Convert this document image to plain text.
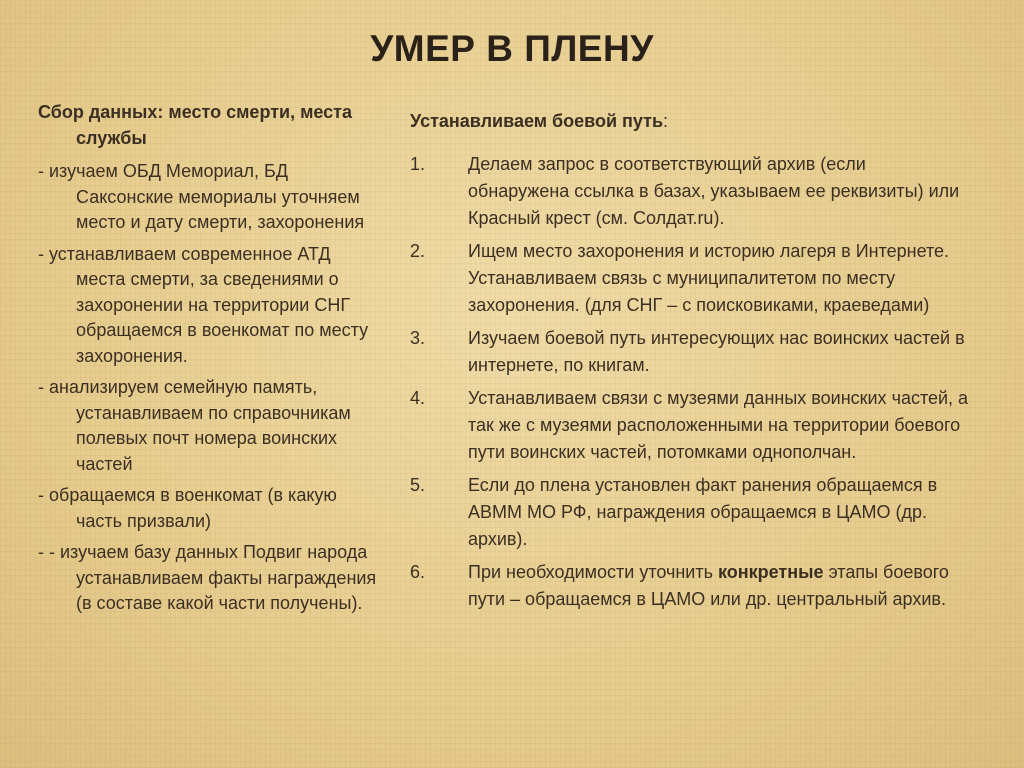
УМЕР В ПЛЕНУ

Сбор данных: место смерти, места службы

- изучаем ОБД Мемориал, БД Саксонские мемориалы уточняем место и дату смерти, захоронения

- устанавливаем современное АТД места смерти, за сведениями о захоронении на территории СНГ обращаемся в военкомат по месту захоронения.

- анализируем семейную память, устанавливаем по справочникам полевых почт номера воинских частей

- обращаемся в военкомат (в какую часть призвали)

- - изучаем базу данных Подвиг народа устанавливаем факты награждения (в составе какой части получены).

Устанавливаем боевой путь:

1.	Делаем запрос в соответствующий архив (если обнаружена ссылка в базах, указываем ее реквизиты) или Красный крест (см. Солдат.ru).
2.	Ищем место захоронения и историю лагеря в Интернете. Устанавливаем связь с муниципалитетом по месту захоронения. (для СНГ – с поисковиками, краеведами)
3.	Изучаем боевой путь интересующих нас воинских частей в интернете, по книгам.
4.	Устанавливаем связи с музеями данных воинских частей, а так же с музеями расположенными на территории боевого пути воинских частей, потомками однополчан.
5.	Если до плена установлен факт ранения обращаемся в АВММ МО РФ, награждения обращаемся в ЦАМО (др. архив).
6.	При необходимости уточнить конкретные этапы боевого пути – обращаемся в ЦАМО или др. центральный архив.
